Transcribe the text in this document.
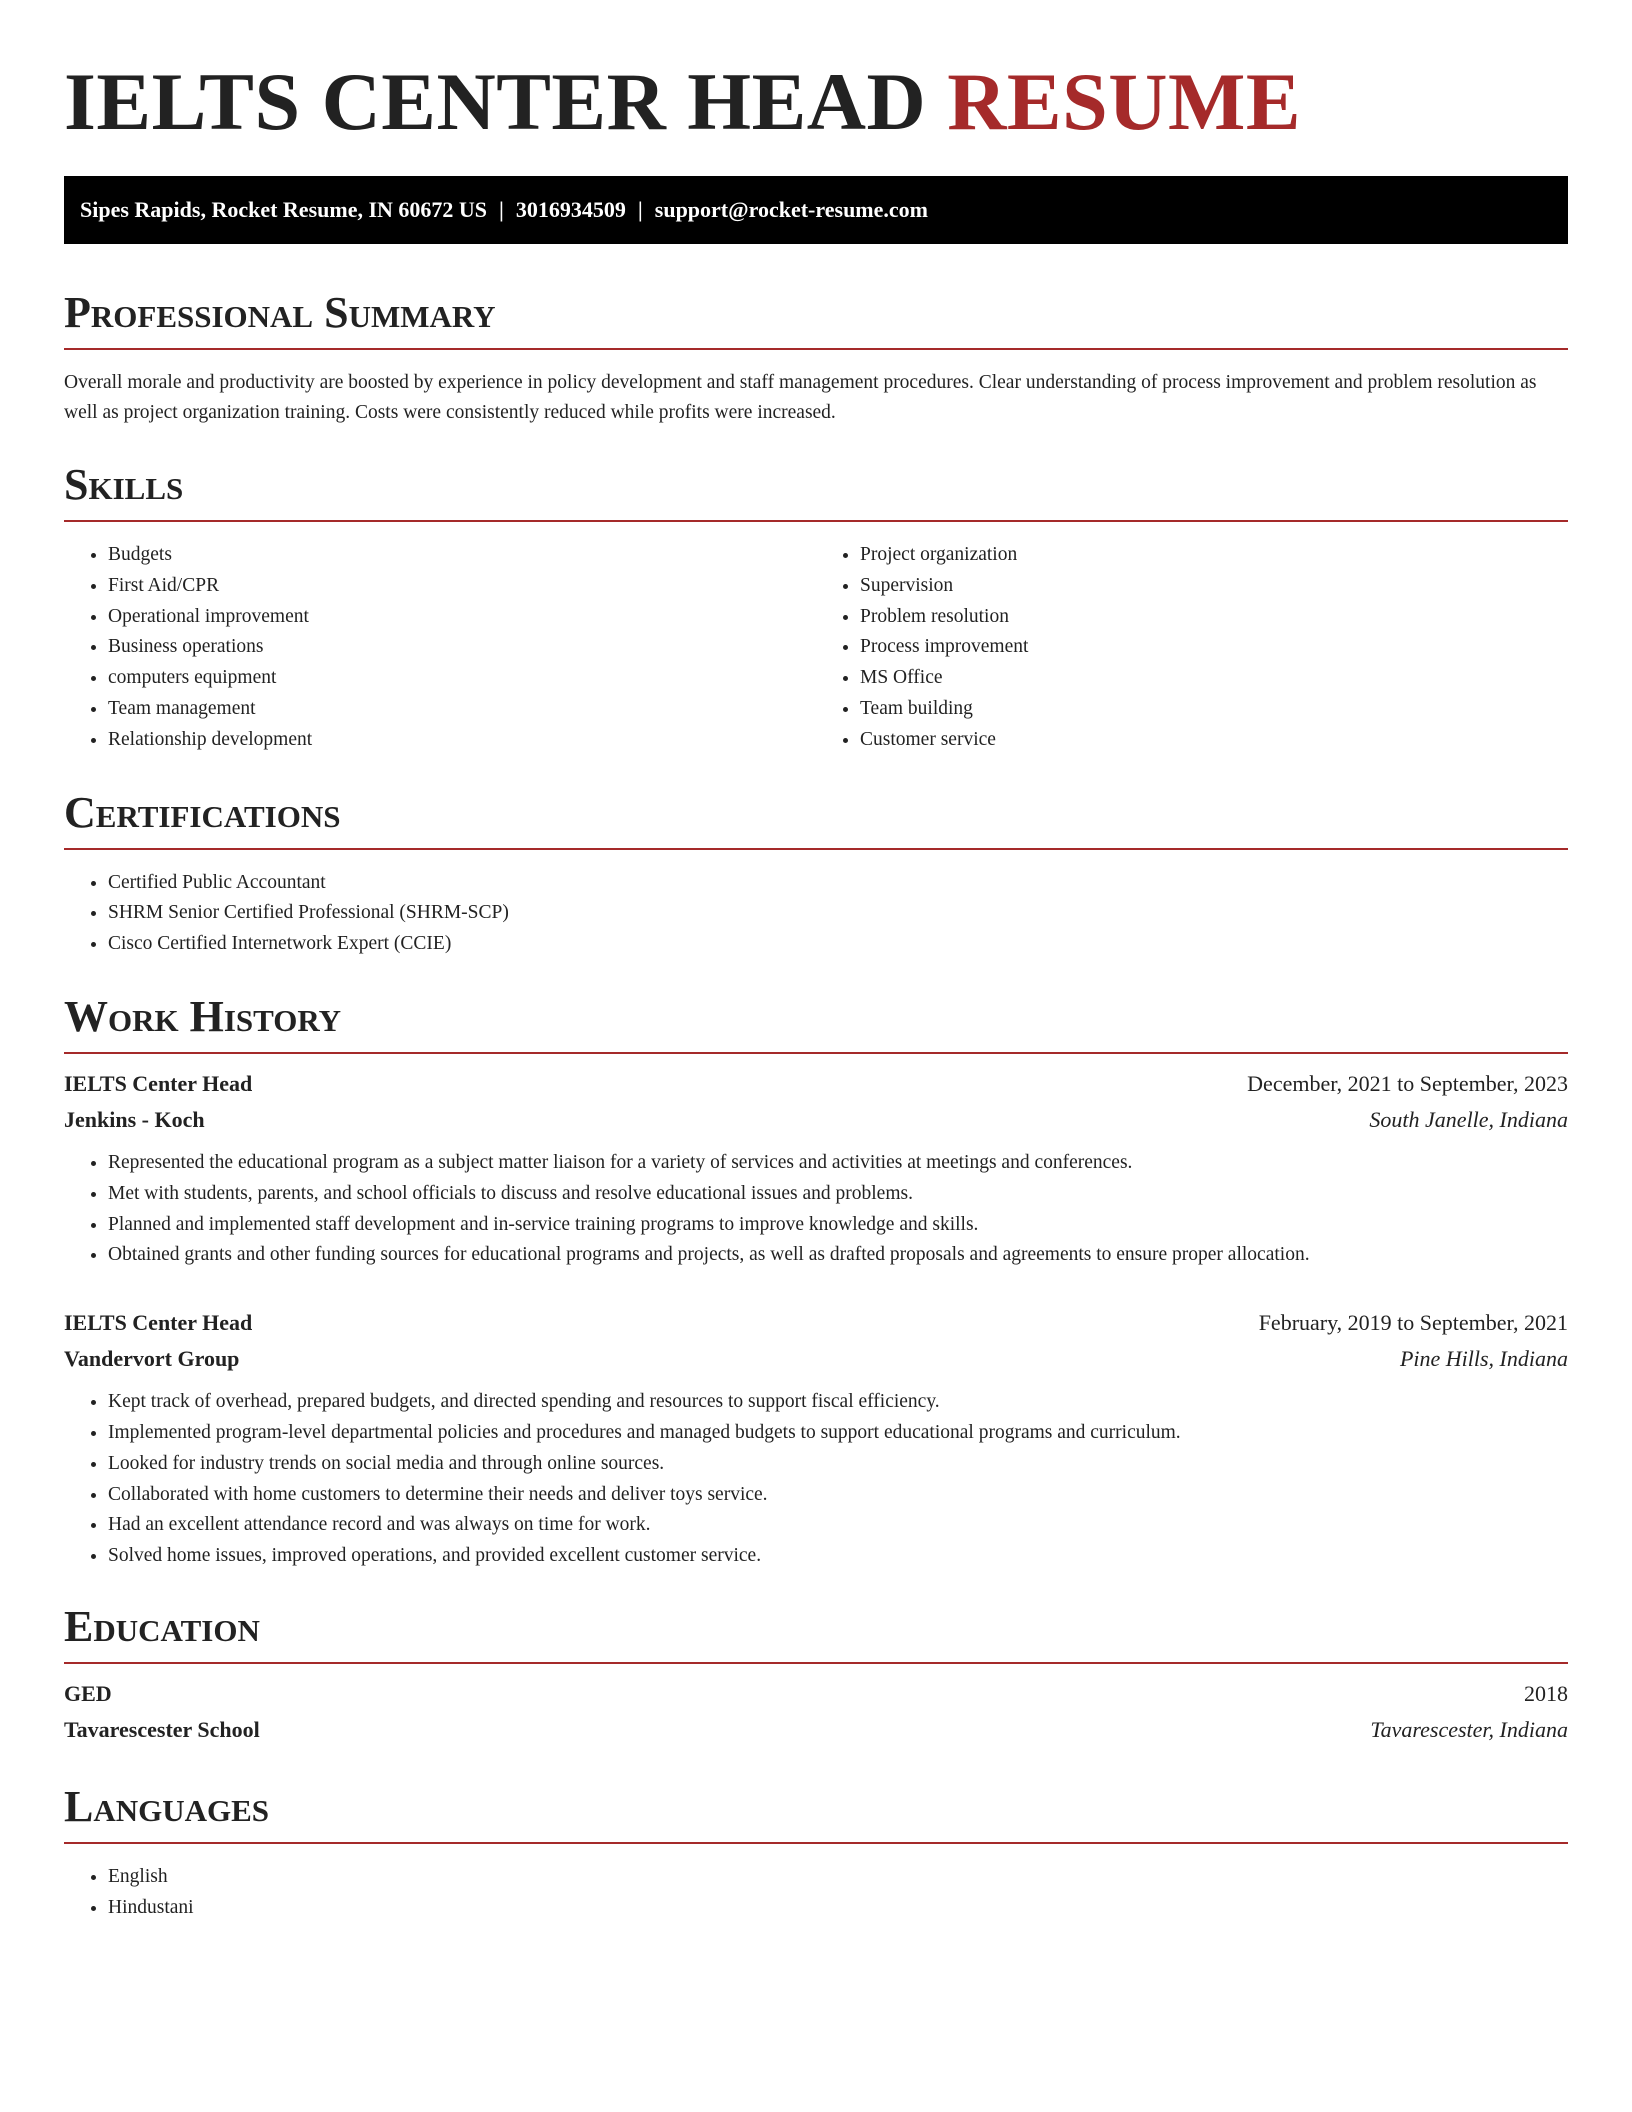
IELTS CENTER HEAD RESUME
Sipes Rapids, Rocket Resume, IN 60672 US | 3016934509 | support@rocket-resume.com
Professional Summary

Overall morale and productivity are boosted by experience in policy development and staff management procedures. Clear understanding of process improvement and problem resolution as well as project organization training. Costs were consistently reduced while profits were increased.

Skills
• Budgets
• First Aid/CPR
• Operational improvement
• Business operations
• computers equipment
• Team management
• Relationship development
• Project organization
• Supervision
• Problem resolution
• Process improvement
• MS Office
• Team building
• Customer service
Certifications
• Certified Public Accountant
• SHRM Senior Certified Professional (SHRM-SCP)
• Cisco Certified Internetwork Expert (CCIE)
Work History
IELTS Center Head	December, 2021 to September, 2023
Jenkins - Koch	South Janelle, Indiana
• Represented the educational program as a subject matter liaison for a variety of services and activities at meetings and conferences.
• Met with students, parents, and school officials to discuss and resolve educational issues and problems.
• Planned and implemented staff development and in-service training programs to improve knowledge and skills.
• Obtained grants and other funding sources for educational programs and projects, as well as drafted proposals and agreements to ensure proper allocation.
IELTS Center Head	February, 2019 to September, 2021
Vandervort Group	Pine Hills, Indiana
• Kept track of overhead, prepared budgets, and directed spending and resources to support fiscal efficiency.
• Implemented program-level departmental policies and procedures and managed budgets to support educational programs and curriculum.
• Looked for industry trends on social media and through online sources.
• Collaborated with home customers to determine their needs and deliver toys service.
• Had an excellent attendance record and was always on time for work.
• Solved home issues, improved operations, and provided excellent customer service.
Education
GED	2018
Tavarescester School	Tavarescester, Indiana
Languages
• English
• Hindustani
